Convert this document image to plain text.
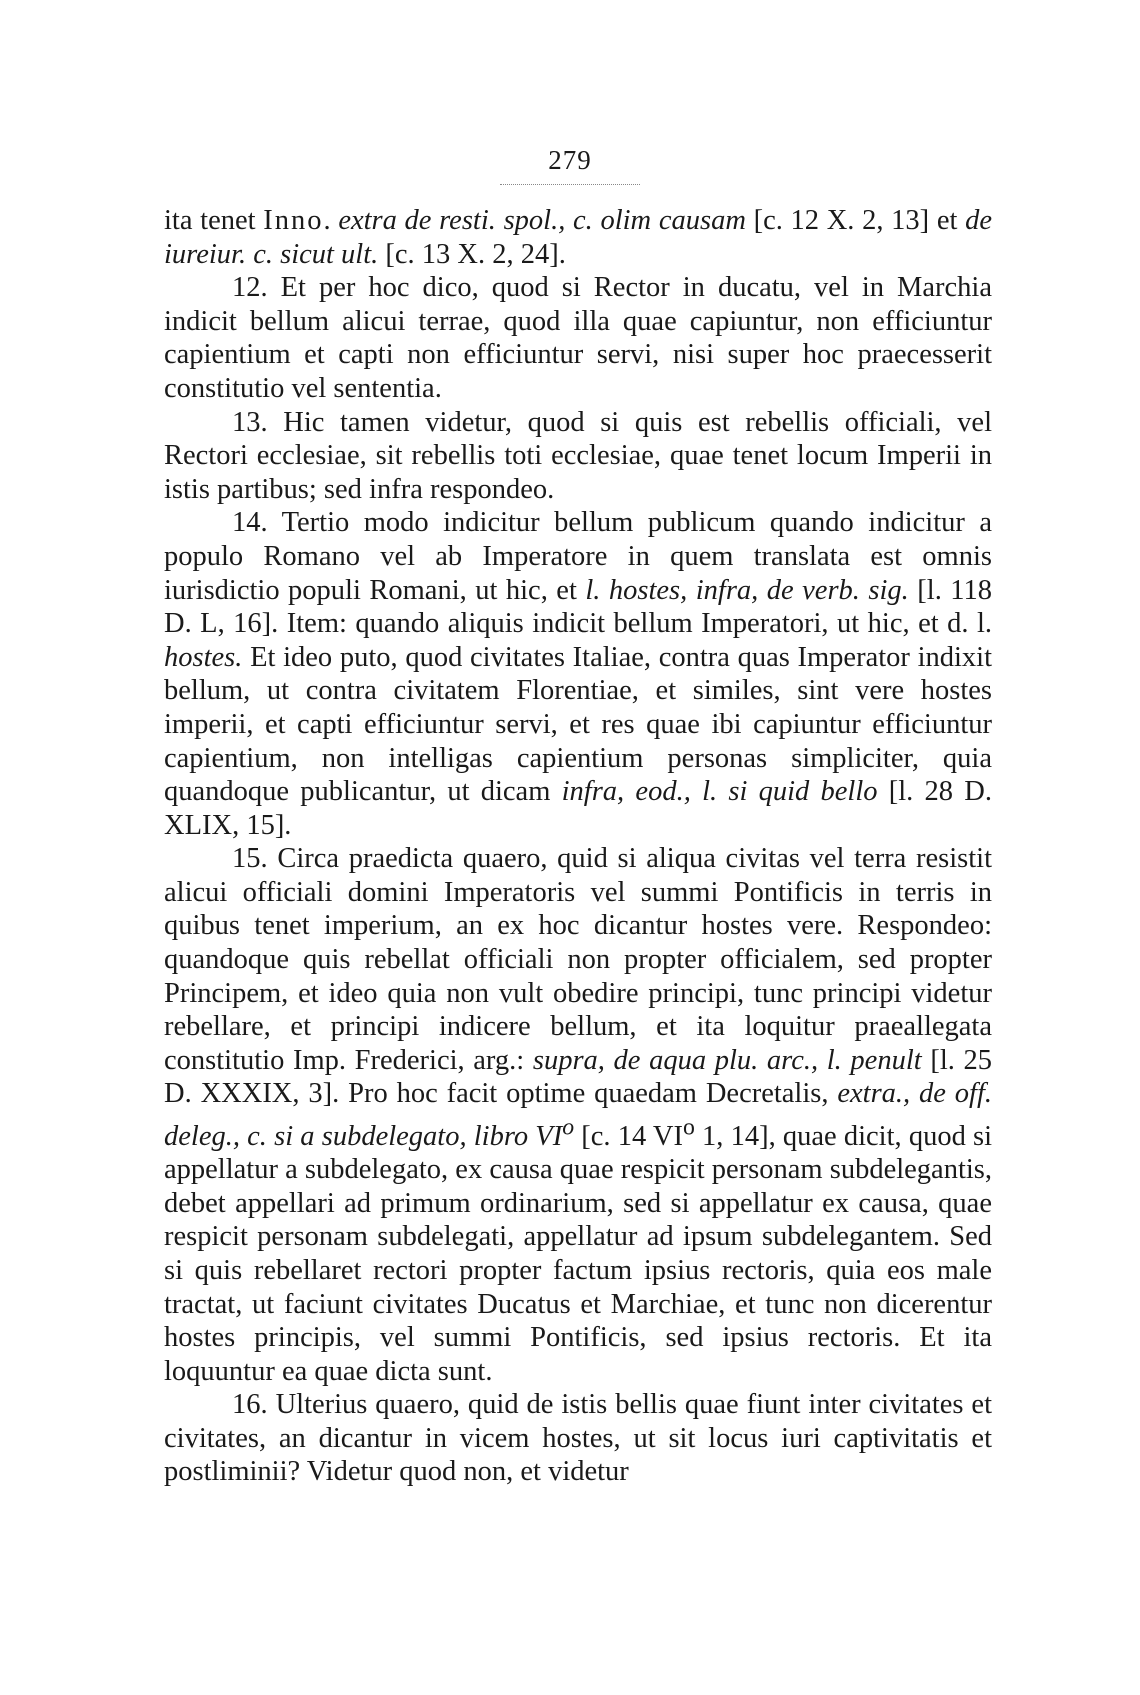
279

ita tenet Inno. extra de resti. spol., c. olim causam [c. 12 X. 2, 13] et de iureiur. c. sicut ult. [c. 13 X. 2, 24].

12. Et per hoc dico, quod si Rector in ducatu, vel in Marchia indicit bellum alicui terrae, quod illa quae capiuntur, non efficiuntur capientium et capti non efficiuntur servi, nisi super hoc praecesserit constitutio vel sententia.

13. Hic tamen videtur, quod si quis est rebellis officiali, vel Rectori ecclesiae, sit rebellis toti ecclesiae, quae tenet locum Imperii in istis partibus; sed infra respondeo.

14. Tertio modo indicitur bellum publicum quando indicitur a populo Romano vel ab Imperatore in quem translata est omnis iurisdictio populi Romani, ut hic, et l. hostes, infra, de verb. sig. [l. 118 D. L, 16]. Item: quando aliquis indicit bellum Imperatori, ut hic, et d. l. hostes. Et ideo puto, quod civitates Italiae, contra quas Imperator indixit bellum, ut contra civitatem Florentiae, et similes, sint vere hostes imperii, et capti efficiuntur servi, et res quae ibi capiuntur efficiuntur capientium, non intelligas capientium personas simpliciter, quia quandoque publicantur, ut dicam infra, eod., l. si quid bello [l. 28 D. XLIX, 15].

15. Circa praedicta quaero, quid si aliqua civitas vel terra resistit alicui officiali domini Imperatoris vel summi Pontificis in terris in quibus tenet imperium, an ex hoc dicantur hostes vere. Respondeo: quandoque quis rebellat officiali non propter officialem, sed propter Principem, et ideo quia non vult obedire principi, tunc principi videtur rebellare, et principi indicere bellum, et ita loquitur praeallegata constitutio Imp. Frederici, arg.: supra, de aqua plu. arc., l. penult [l. 25 D. XXXIX, 3]. Pro hoc facit optime quaedam Decretalis, extra., de off. deleg., c. si a subdelegato, libro $VI^o$ [c. 14 $VI^o$ 1, 14], quae dicit, quod si appellatur a subdelegato, ex causa quae respicit personam subdelegantis, debet appellari ad primum ordinarium, sed si appellatur ex causa, quae respicit personam subdelegati, appellatur ad ipsum subdelegantem. Sed si quis rebellaret rectori propter factum ipsius rectoris, quia eos male tractat, ut faciunt civitates Ducatus et Marchiae, et tunc non dicerentur hostes principis, vel summi Pontificis, sed ipsius rectoris. Et ita loquuntur ea quae dicta sunt.

16. Ulterius quaero, quid de istis bellis quae fiunt inter civitates et civitates, an dicantur in vicem hostes, ut sit locus iuri captivitatis et postliminii? Videtur quod non, et videtur
